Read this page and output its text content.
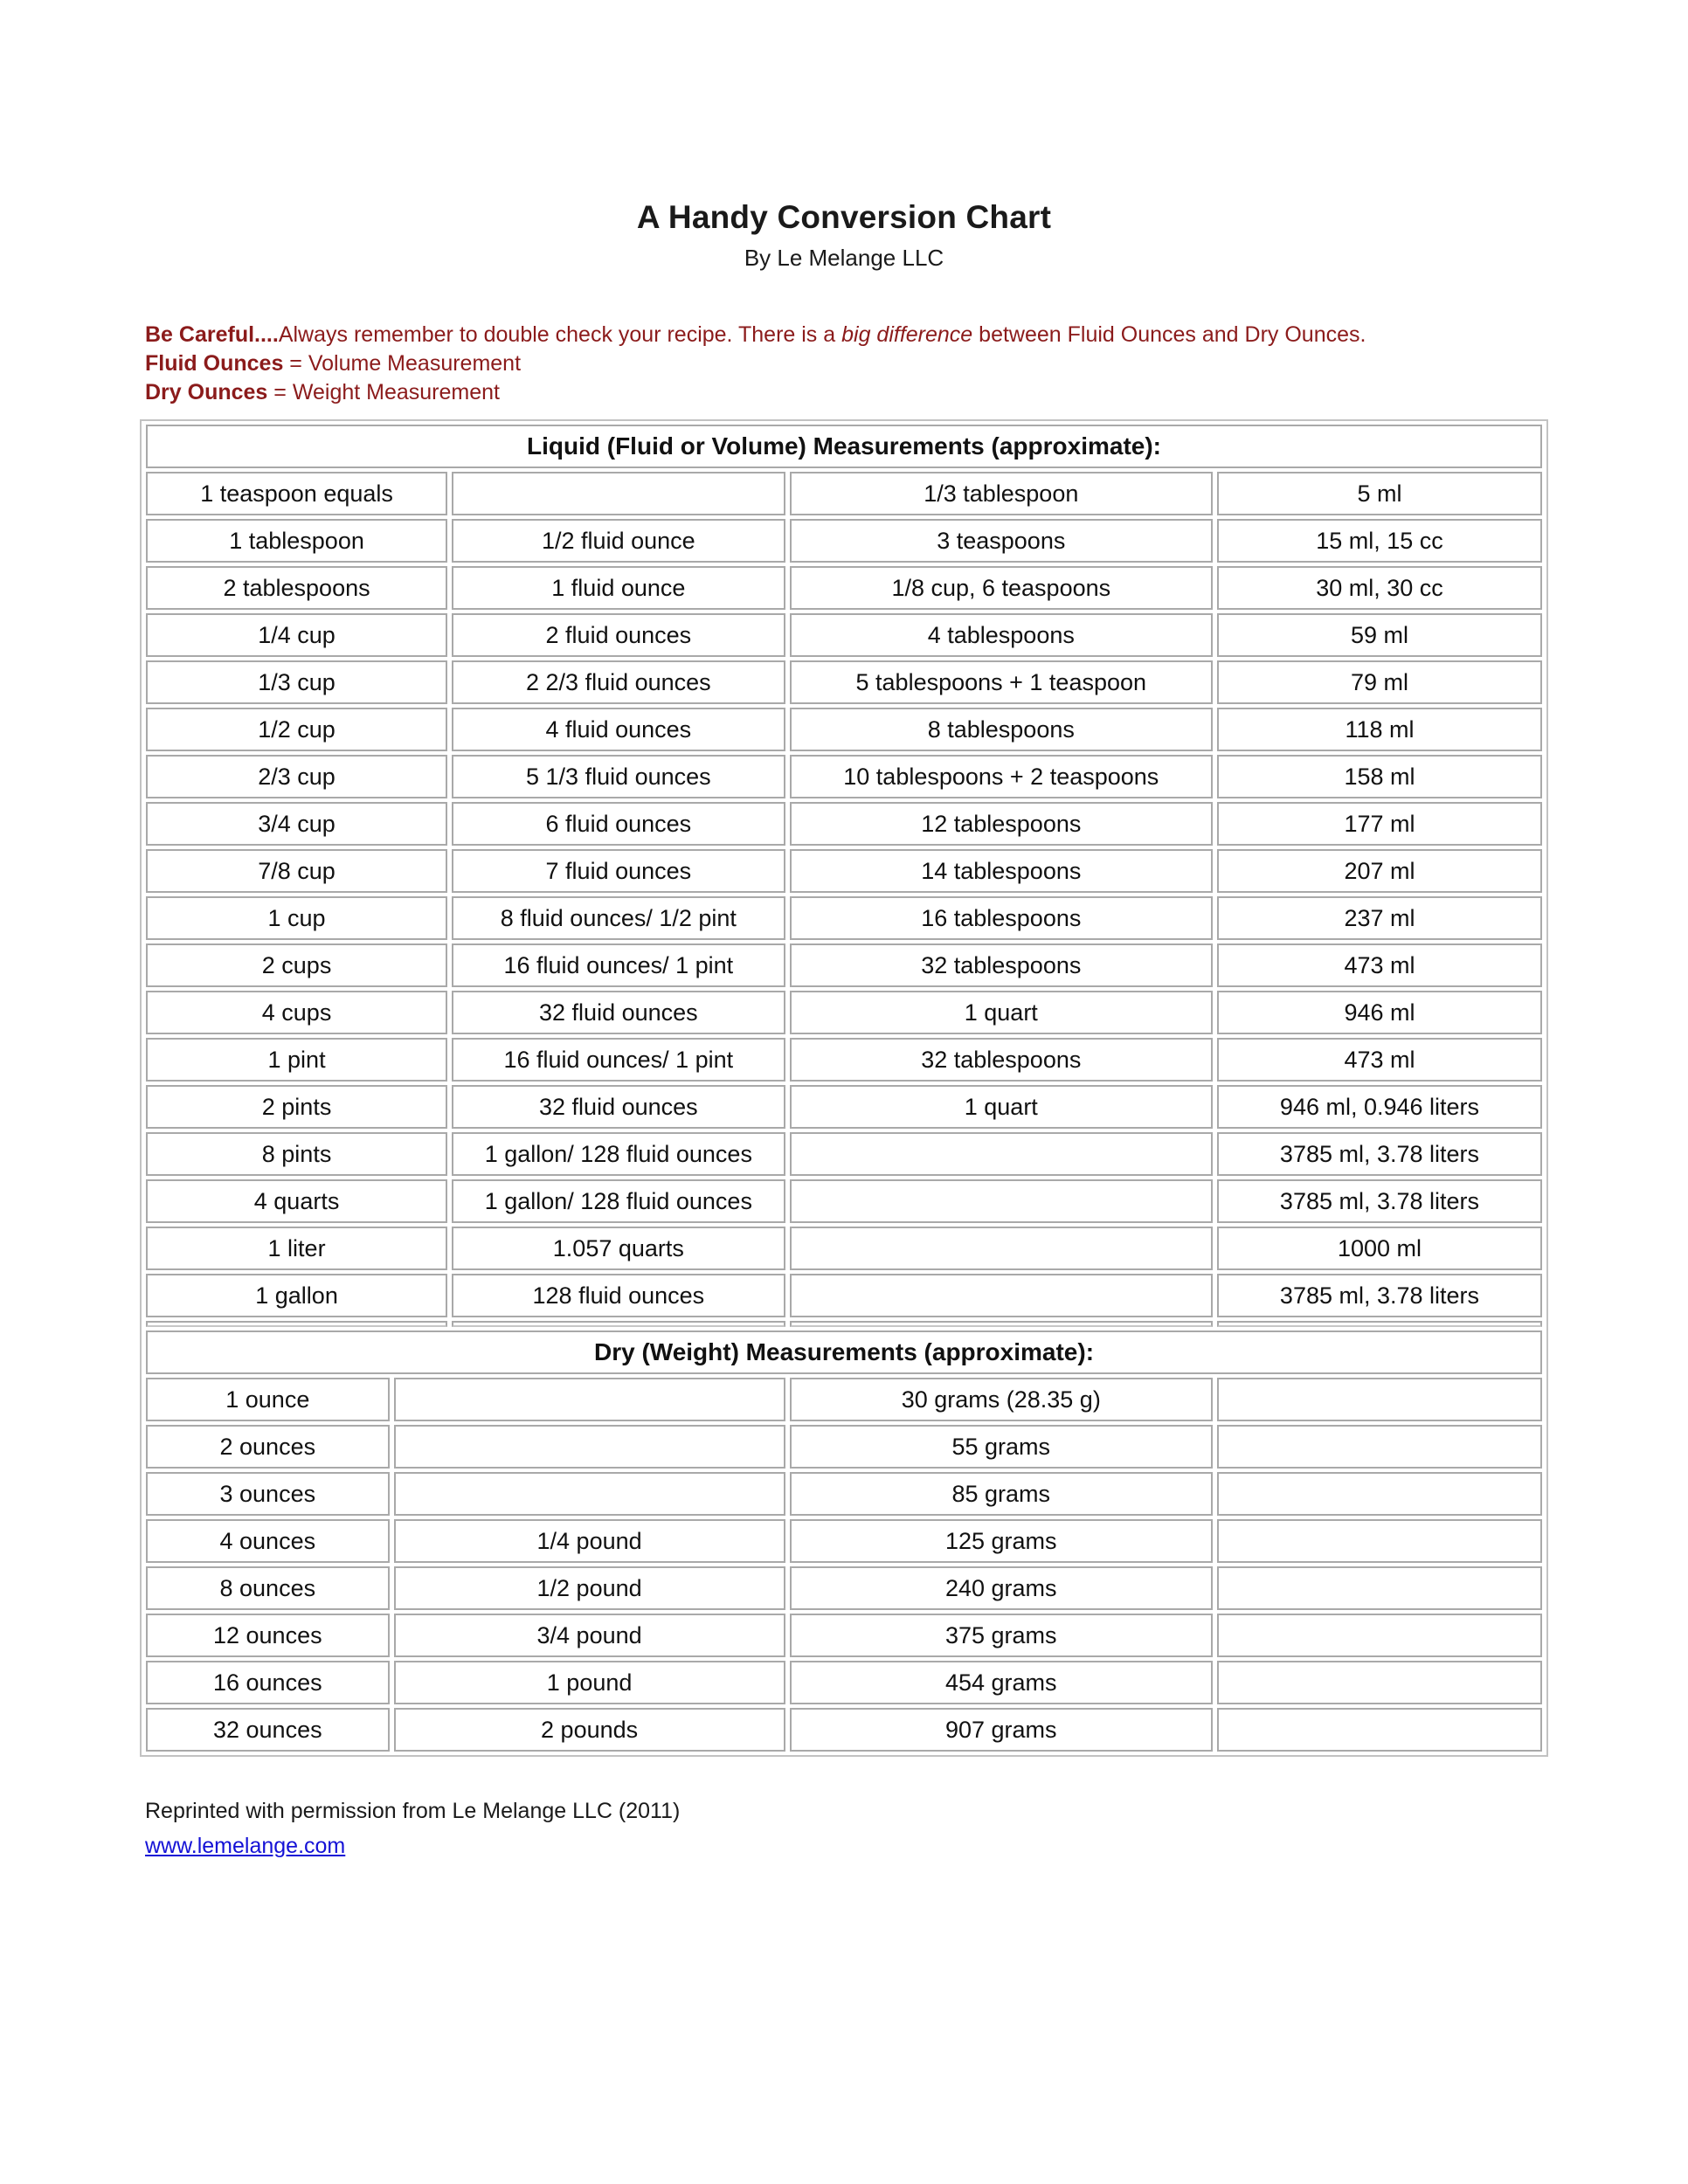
A Handy Conversion Chart
By Le Melange LLC
Be Careful....Always remember to double check your recipe. There is a big difference between Fluid Ounces and Dry Ounces.
Fluid Ounces = Volume Measurement
Dry Ounces = Weight Measurement
Liquid (Fluid or Volume) Measurements (approximate):			
1 teaspoon equals		1/3 tablespoon	5 ml
1 tablespoon	1/2 fluid ounce	3 teaspoons	15 ml, 15 cc
2 tablespoons	1 fluid ounce	1/8 cup, 6 teaspoons	30 ml, 30 cc
1/4 cup	2 fluid ounces	4 tablespoons	59 ml
1/3 cup	2 2/3 fluid ounces	5 tablespoons + 1 teaspoon	79 ml
1/2 cup	4 fluid ounces	8 tablespoons	118 ml
2/3 cup	5 1/3 fluid ounces	10 tablespoons + 2 teaspoons	158 ml
3/4 cup	6 fluid ounces	12 tablespoons	177 ml
7/8 cup	7 fluid ounces	14 tablespoons	207 ml
1 cup	8 fluid ounces/ 1/2 pint	16 tablespoons	237 ml
2 cups	16 fluid ounces/ 1 pint	32 tablespoons	473 ml
4 cups	32 fluid ounces	1 quart	946 ml
1 pint	16 fluid ounces/ 1 pint	32 tablespoons	473 ml
2 pints	32 fluid ounces	1 quart	946 ml, 0.946 liters
8 pints	1 gallon/ 128 fluid ounces		3785 ml, 3.78 liters
4 quarts	1 gallon/ 128 fluid ounces		3785 ml, 3.78 liters
1 liter	1.057 quarts		1000 ml
1 gallon	128 fluid ounces		3785 ml, 3.78 liters

Dry (Weight) Measurements (approximate):			
1 ounce		30 grams (28.35 g)	
2 ounces		55 grams	
3 ounces		85 grams	
4 ounces	1/4 pound	125 grams	
8 ounces	1/2 pound	240 grams	
12 ounces	3/4 pound	375 grams	
16 ounces	1 pound	454 grams	
32 ounces	2 pounds	907 grams	
Reprinted with permission from Le Melange LLC (2011)
www.lemelange.com
